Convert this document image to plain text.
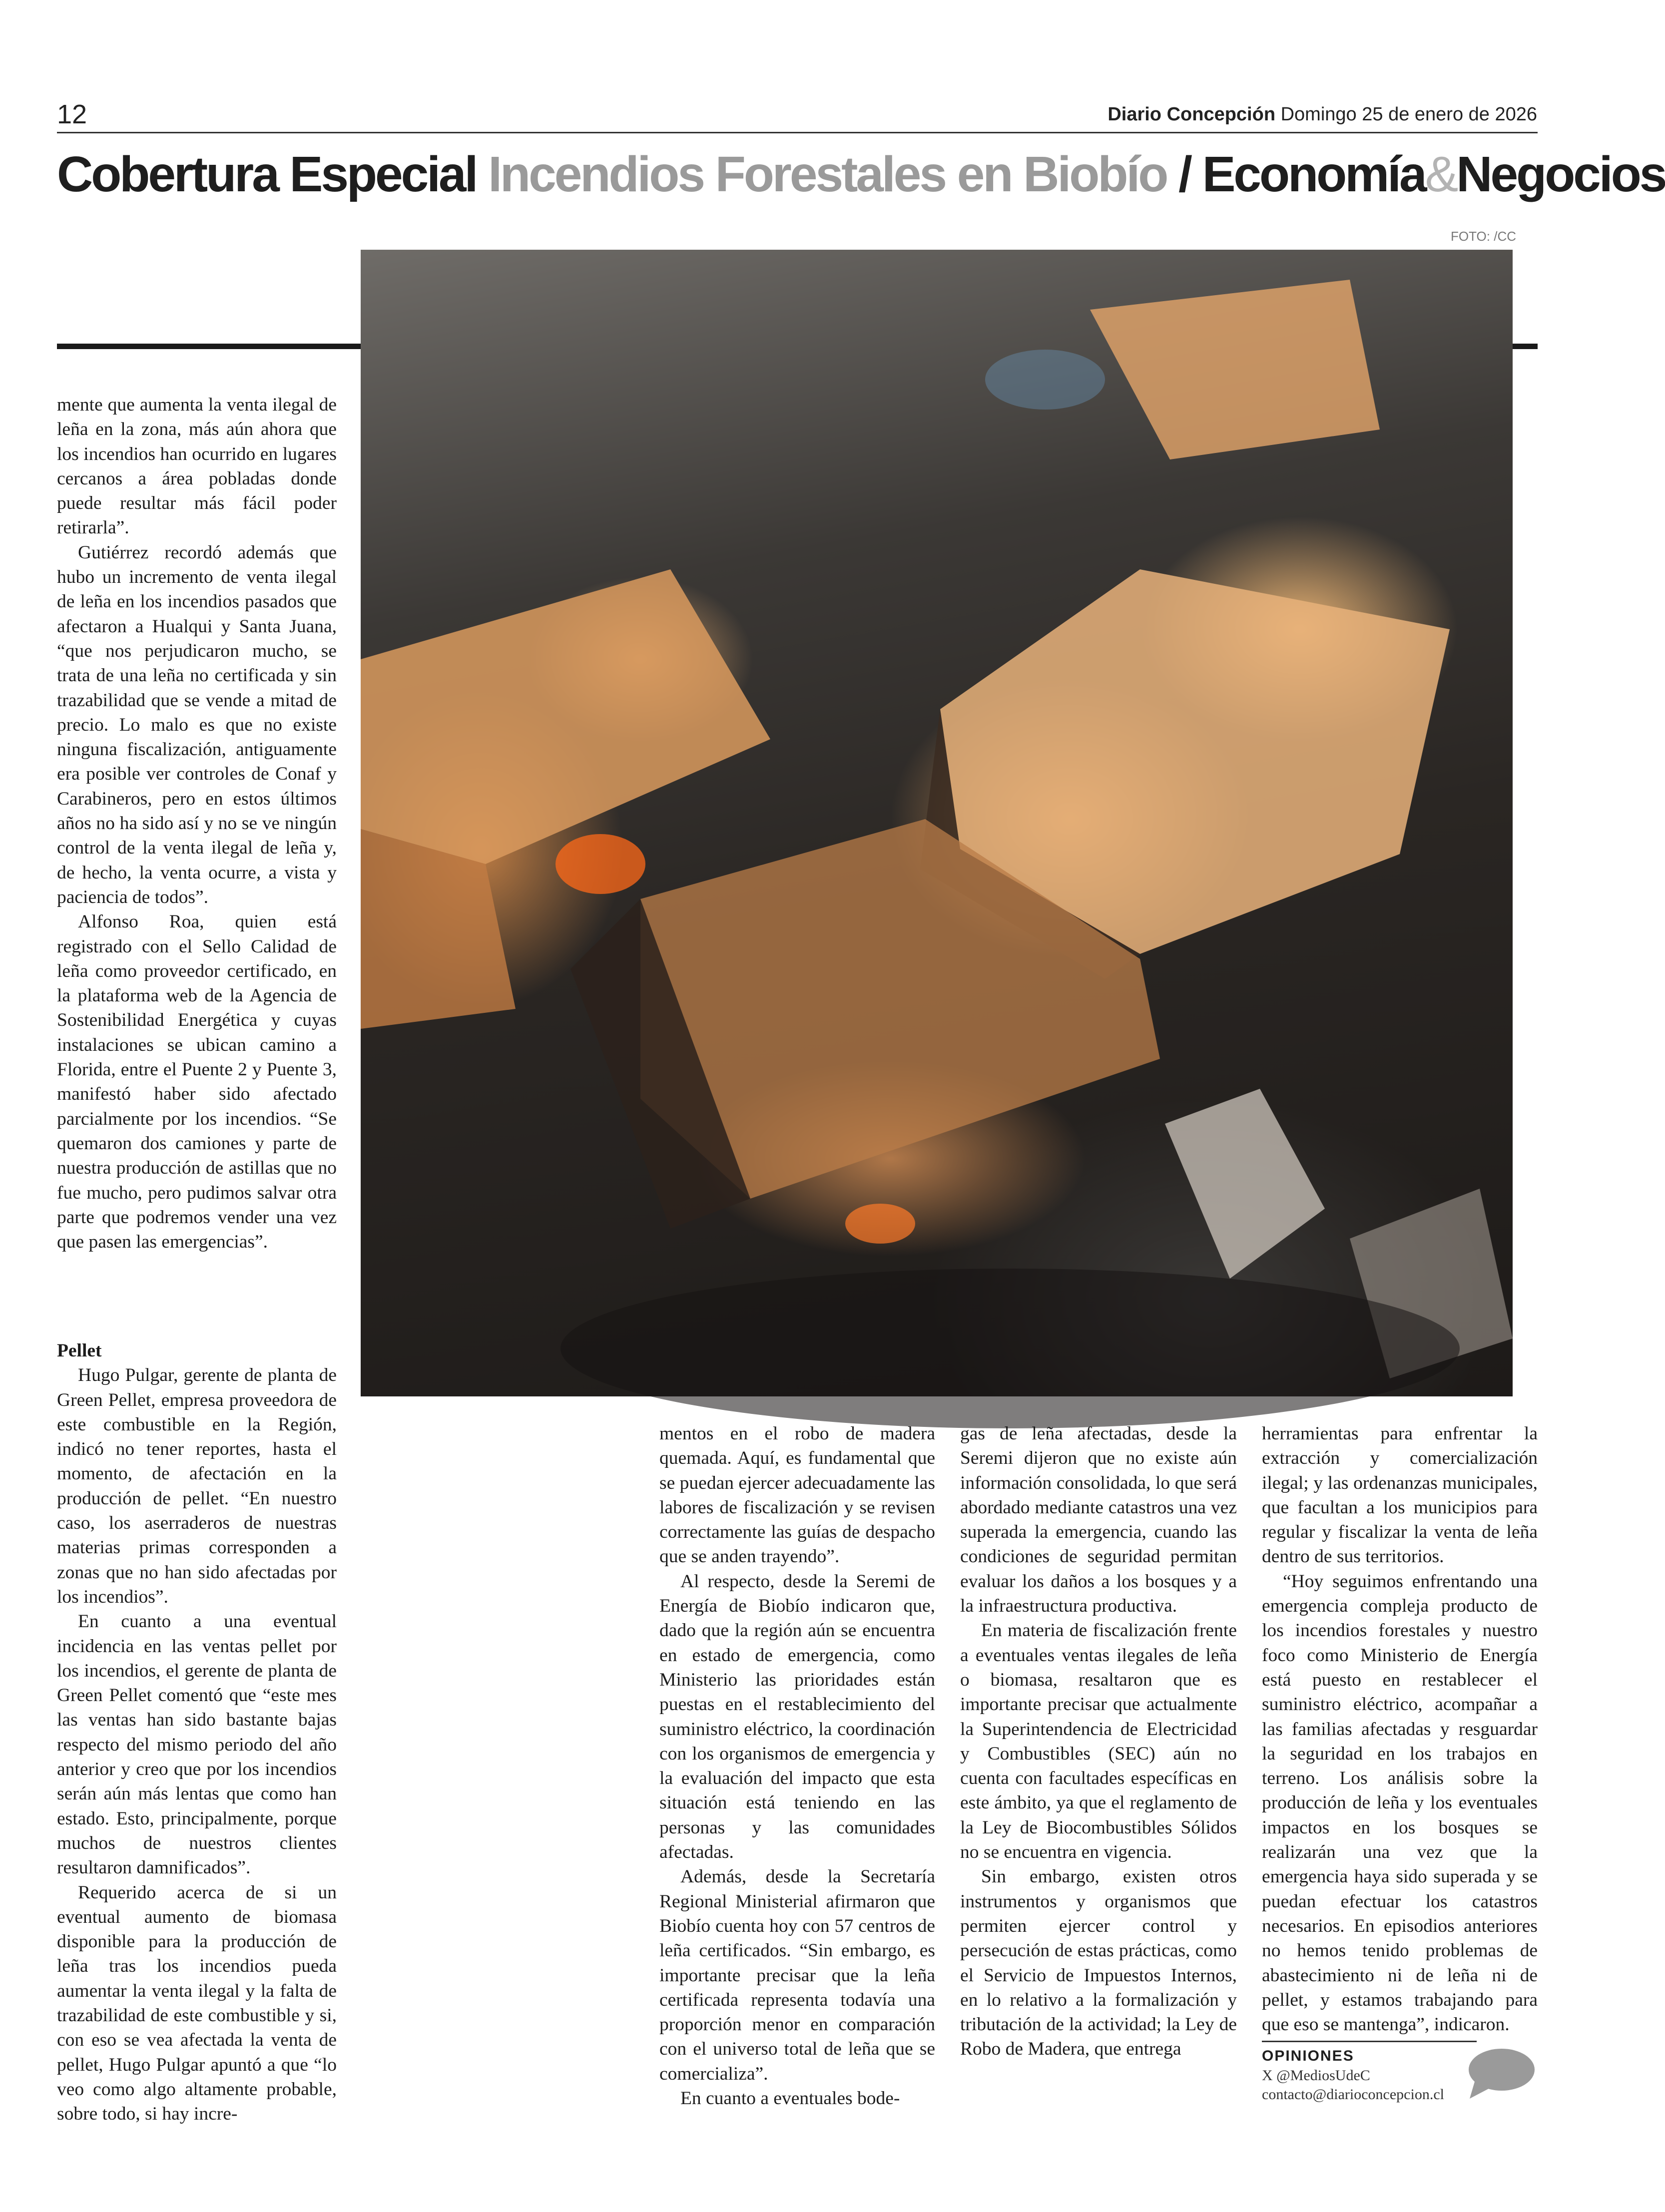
12	Diario Concepción Domingo 25 de enero de 2026
Cobertura Especial Incendios Forestales en Biobío / Economía&Negocios
FOTO: /CC

mente que aumenta la venta ilegal de leña en la zona, más aún ahora que los incendios han ocurrido en lugares cercanos a área pobladas donde puede resultar más fácil poder retirarla”.

Gutiérrez recordó además que hubo un incremento de venta ilegal de leña en los incendios pasados que afectaron a Hualqui y Santa Juana, “que nos perjudicaron mucho, se trata de una leña no certificada y sin trazabilidad que se vende a mitad de precio. Lo malo es que no existe ninguna fiscalización, antiguamente era posible ver controles de Conaf y Carabineros, pero en estos últimos años no ha sido así y no se ve ningún control de la venta ilegal de leña y, de hecho, la venta ocurre, a vista y paciencia de todos”.

Alfonso Roa, quien está registrado con el Sello Calidad de leña como proveedor certificado, en la plataforma web de la Agencia de Sostenibilidad Energética y cuyas instalaciones se ubican camino a Florida, entre el Puente 2 y Puente 3, manifestó haber sido afectado parcialmente por los incendios. “Se quemaron dos camiones y parte de nuestra producción de astillas que no fue mucho, pero pudimos salvar otra parte que podremos vender una vez que pasen las emergencias”.

Pellet

Hugo Pulgar, gerente de planta de Green Pellet, empresa proveedora de este combustible en la Región, indicó no tener reportes, hasta el momento, de afectación en la producción de pellet. “En nuestro caso, los aserraderos de nuestras materias primas corresponden a zonas que no han sido afectadas por los incendios”.

En cuanto a una eventual incidencia en las ventas pellet por los incendios, el gerente de planta de Green Pellet comentó que “este mes las ventas han sido bastante bajas respecto del mismo periodo del año anterior y creo que por los incendios serán aún más lentas que como han estado. Esto, principalmente, porque muchos de nuestros clientes resultaron damnificados”.

Requerido acerca de si un eventual aumento de biomasa disponible para la producción de leña tras los incendios pueda aumentar la venta ilegal y la falta de trazabilidad de este combustible y si, con eso se vea afectada la venta de pellet, Hugo Pulgar apuntó a que “lo veo como algo altamente probable, sobre todo, si hay incre-

mentos en el robo de madera quemada. Aquí, es fundamental que se puedan ejercer adecuadamente las labores de fiscalización y se revisen correctamente las guías de despacho que se anden trayendo”.

Al respecto, desde la Seremi de Energía de Biobío indicaron que, dado que la región aún se encuentra en estado de emergencia, como Ministerio las prioridades están puestas en el restablecimiento del suministro eléctrico, la coordinación con los organismos de emergencia y la evaluación del impacto que esta situación está teniendo en las personas y las comunidades afectadas.

Además, desde la Secretaría Regional Ministerial afirmaron que Biobío cuenta hoy con 57 centros de leña certificados. “Sin embargo, es importante precisar que la leña certificada representa todavía una proporción menor en comparación con el universo total de leña que se comercializa”.

En cuanto a eventuales bode-

gas de leña afectadas, desde la Seremi dijeron que no existe aún información consolidada, lo que será abordado mediante catastros una vez superada la emergencia, cuando las condiciones de seguridad permitan evaluar los daños a los bosques y a la infraestructura productiva.

En materia de fiscalización frente a eventuales ventas ilegales de leña o biomasa, resaltaron que es importante precisar que actualmente la Superintendencia de Electricidad y Combustibles (SEC) aún no cuenta con facultades específicas en este ámbito, ya que el reglamento de la Ley de Biocombustibles Sólidos no se encuentra en vigencia.

Sin embargo, existen otros instrumentos y organismos que permiten ejercer control y persecución de estas prácticas, como el Servicio de Impuestos Internos, en lo relativo a la formalización y tributación de la actividad; la Ley de Robo de Madera, que entrega

herramientas para enfrentar la extracción y comercialización ilegal; y las ordenanzas municipales, que facultan a los municipios para regular y fiscalizar la venta de leña dentro de sus territorios.

“Hoy seguimos enfrentando una emergencia compleja producto de los incendios forestales y nuestro foco como Ministerio de Energía está puesto en restablecer el suministro eléctrico, acompañar a las familias afectadas y resguardar la seguridad en los trabajos en terreno. Los análisis sobre la producción de leña y los eventuales impactos en los bosques se realizarán una vez que la emergencia haya sido superada y se puedan efectuar los catastros necesarios. En episodios anteriores no hemos tenido problemas de abastecimiento ni de leña ni de pellet, y estamos trabajando para que eso se mantenga”, indicaron.

OPINIONES
X @MediosUdeC
contacto@diarioconcepcion.cl
